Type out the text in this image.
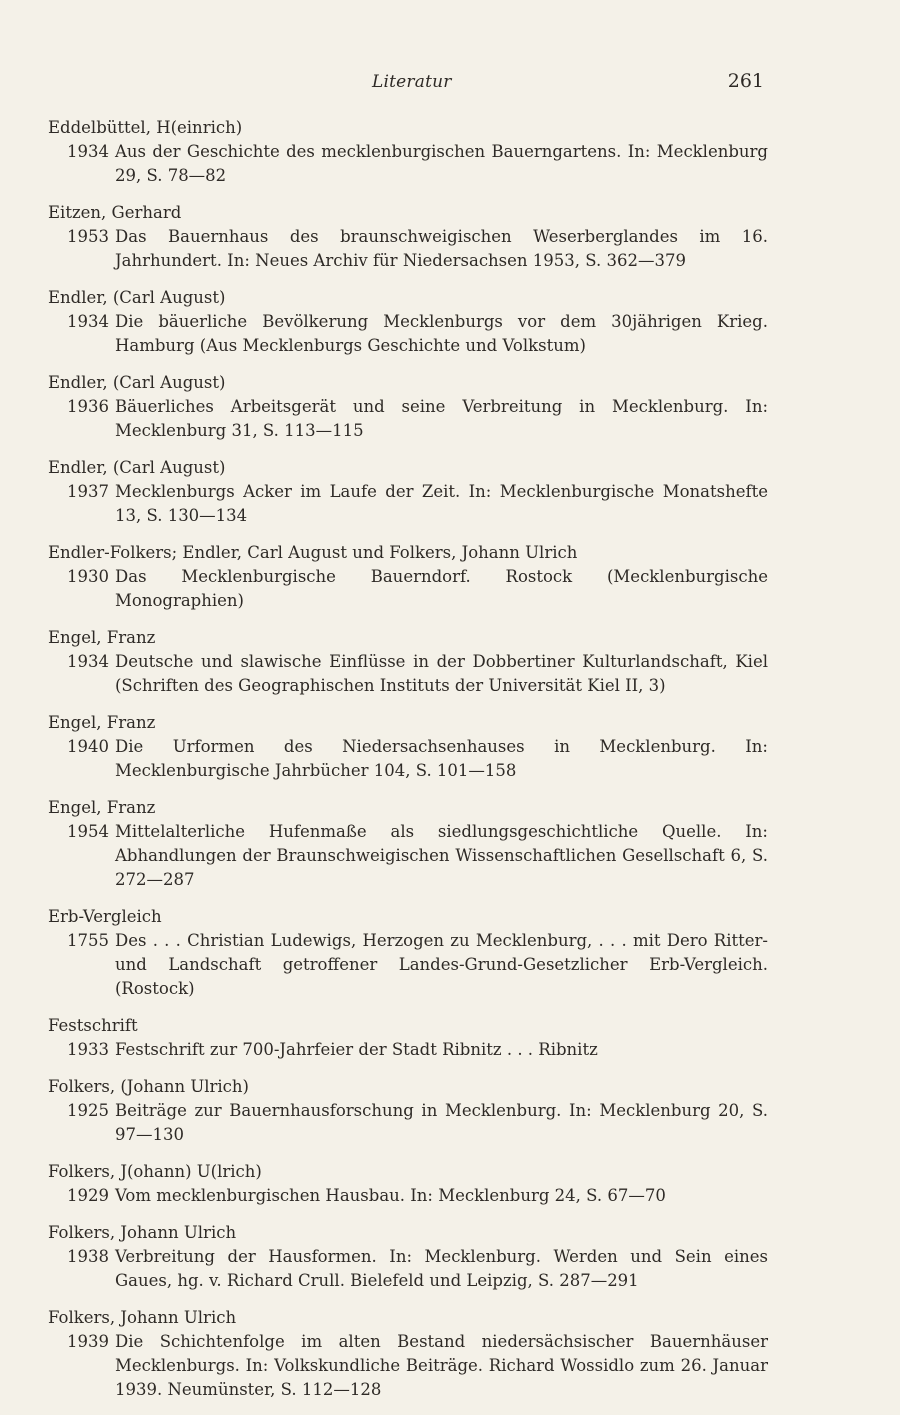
Literatur	261
Eddelbüttel, H(einrich)
1934 Aus der Geschichte des mecklenburgischen Bauerngartens. In: Mecklenburg 29, S. 78—82
Eitzen, Gerhard
1953 Das Bauernhaus des braunschweigischen Weserberglandes im 16. Jahrhundert. In: Neues Archiv für Niedersachsen 1953, S. 362—379
Endler, (Carl August)
1934 Die bäuerliche Bevölkerung Mecklenburgs vor dem 30jährigen Krieg. Hamburg (Aus Mecklenburgs Geschichte und Volkstum)
Endler, (Carl August)
1936 Bäuerliches Arbeitsgerät und seine Verbreitung in Mecklenburg. In: Mecklenburg 31, S. 113—115
Endler, (Carl August)
1937 Mecklenburgs Acker im Laufe der Zeit. In: Mecklenburgische Monatshefte 13, S. 130—134
Endler-Folkers; Endler, Carl August und Folkers, Johann Ulrich
1930 Das Mecklenburgische Bauerndorf. Rostock (Mecklenburgische Monographien)
Engel, Franz
1934 Deutsche und slawische Einflüsse in der Dobbertiner Kulturlandschaft, Kiel (Schriften des Geographischen Instituts der Universität Kiel II, 3)
Engel, Franz
1940 Die Urformen des Niedersachsenhauses in Mecklenburg. In: Mecklenburgische Jahrbücher 104, S. 101—158
Engel, Franz
1954 Mittelalterliche Hufenmaße als siedlungsgeschichtliche Quelle. In: Abhandlungen der Braunschweigischen Wissenschaftlichen Gesellschaft 6, S. 272—287
Erb-Vergleich
1755 Des . . . Christian Ludewigs, Herzogen zu Mecklenburg, . . . mit Dero Ritter- und Landschaft getroffener Landes-Grund-Gesetzlicher Erb-Vergleich. (Rostock)
Festschrift
1933 Festschrift zur 700-Jahrfeier der Stadt Ribnitz . . . Ribnitz
Folkers, (Johann Ulrich)
1925 Beiträge zur Bauernhausforschung in Mecklenburg. In: Mecklenburg 20, S. 97—130
Folkers, J(ohann) U(lrich)
1929 Vom mecklenburgischen Hausbau. In: Mecklenburg 24, S. 67—70
Folkers, Johann Ulrich
1938 Verbreitung der Hausformen. In: Mecklenburg. Werden und Sein eines Gaues, hg. v. Richard Crull. Bielefeld und Leipzig, S. 287—291
Folkers, Johann Ulrich
1939 Die Schichtenfolge im alten Bestand niedersächsischer Bauernhäuser Mecklenburgs. In: Volkskundliche Beiträge. Richard Wossidlo zum 26. Januar 1939. Neumünster, S. 112—128
